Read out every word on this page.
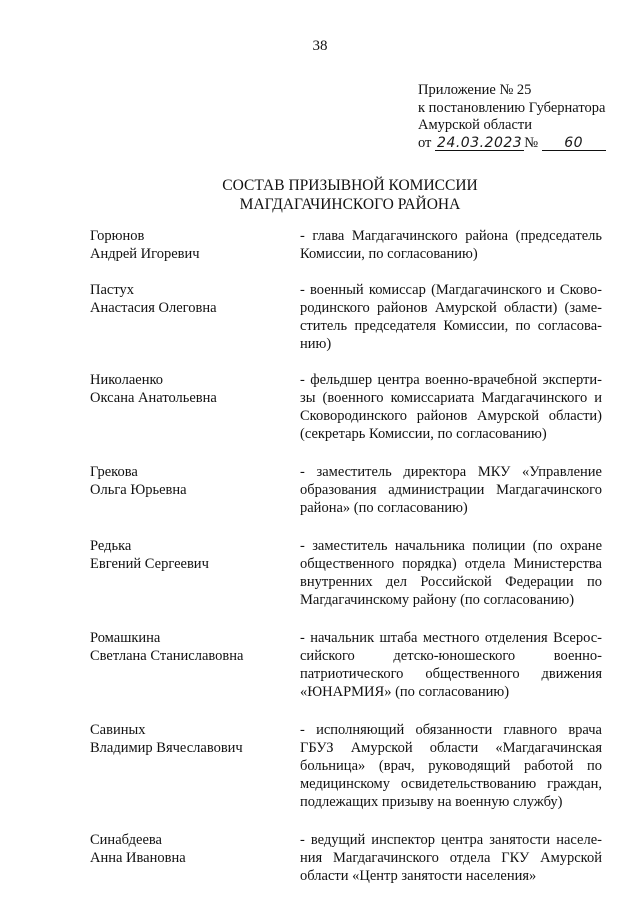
38
Приложение № 25
к постановлению Губернатора
Амурской области
от 24.03.2023 № 60
СОСТАВ ПРИЗЫВНОЙ КОМИССИИ
МАГДАГАЧИНСКОГО РАЙОНА
Горюнов
Андрей Игоревич
- глава Магдагачинского района (председатель Комиссии, по согласованию)
Пастух
Анастасия Олеговна
- военный комиссар (Магдагачинского и Сковородинского районов Амурской области) (заместитель председателя Комиссии, по согласованию)
Николаенко
Оксана Анатольевна
- фельдшер центра военно-врачебной экспертизы (военного комиссариата Магдагачинского и Сковородинского районов Амурской области) (секретарь Комиссии, по согласованию)
Грекова
Ольга Юрьевна
- заместитель директора МКУ «Управление образования администрации Магдагачинского района» (по согласованию)
Редька
Евгений Сергеевич
- заместитель начальника полиции (по охране общественного порядка) отдела Министерства внутренних дел Российской Федерации по Магдагачинскому району (по согласованию)
Ромашкина
Светлана Станиславовна
- начальник штаба местного отделения Всероссийского детско-юношеского военно-патриотического общественного движения «ЮНАРМИЯ» (по согласованию)
Савиных
Владимир Вячеславович
- исполняющий обязанности главного врача ГБУЗ Амурской области «Магдагачинская больница» (врач, руководящий работой по медицинскому освидетельствованию граждан, подлежащих призыву на военную службу)
Синабдеева
Анна Ивановна
- ведущий инспектор центра занятости населения Магдагачинского отдела ГКУ Амурской области «Центр занятости населения»
